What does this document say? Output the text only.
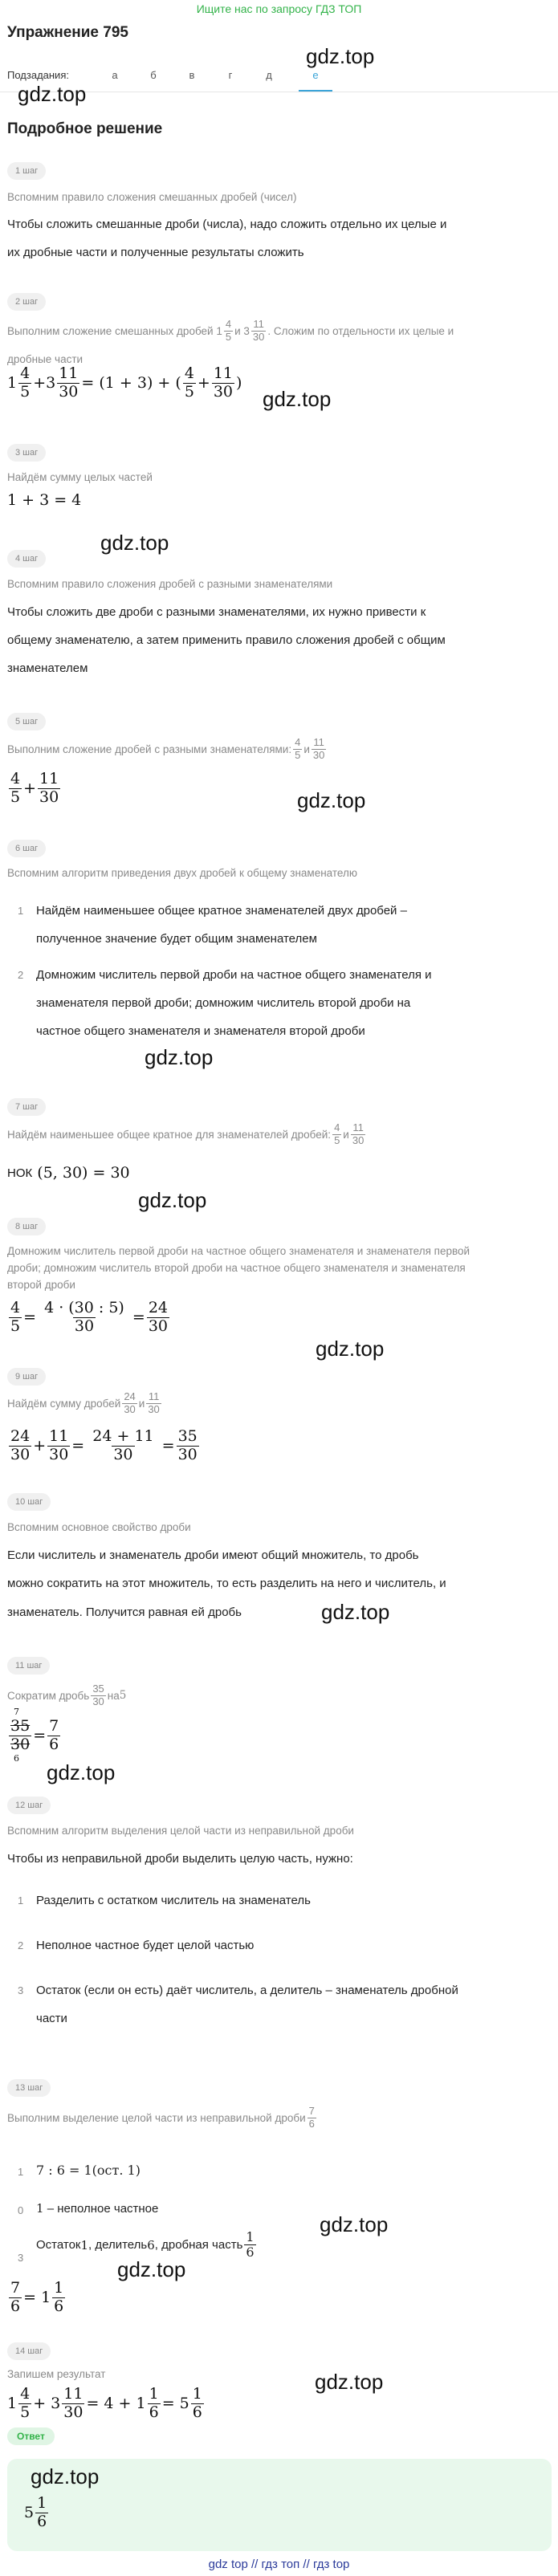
Ищите нас по запросу ГДЗ ТОП
Упражнение 795
Подзадания:	а	б	в	г	д	е
gdz.top
gdz.top
Подробное решение
1 шаг
Вспомним правило сложения смешанных дробей (чисел)
Чтобы сложить смешанные дроби (числа), надо сложить отдельно их целые и
их дробные части и полученные результаты сложить
2 шаг
Выполним сложение смешанных дробей $1 \frac{4}{5}$ и $3 \frac{11}{30}$ . Сложим по отдельности их целые и
дробные части
$1 \frac{4}{5} + 3 \frac{11}{30}$ =
(1 + 3)
+
( $\frac{4}{5} + \frac{11}{30}$ )
gdz.top
3 шаг
Найдём сумму целых частей
1 + 3 = 4
gdz.top
4 шаг
Вспомним правило сложения дробей с разными знаменателями
Чтобы сложить две дроби с разными знаменателями, их нужно привести к
общему знаменателю, а затем применить правило сложения дробей с общим
знаменателем
5 шаг
Выполним сложение дробей с разными знаменателями: $\frac{4}{5}$ и $\frac{11}{30}$
$\frac{4}{5} + \frac{11}{30}$	gdz.top
6 шаг
Вспомним алгоритм приведения двух дробей к общему знаменателю
1 Найдём наименьшее общее кратное знаменателей двух дробей –
полученное значение будет общим знаменателем
2 Домножим числитель первой дроби на частное общего знаменателя и
знаменателя первой дроби; домножим числитель второй дроби на
частное общего знаменателя и знаменателя второй дроби
gdz.top
7 шаг
Найдём наименьшее общее кратное для знаменателей дробей: $\frac{4}{5}$ и $\frac{11}{30}$
НОК
(5, 30) = 30
gdz.top
8 шаг
Домножим числитель первой дроби на частное общего знаменателя и знаменателя первой
дроби; домножим числитель второй дроби на частное общего знаменателя и знаменателя
второй дроби
$\frac{4}{5}$ =
$\frac{4 \cdot (30 : 5)}{30}$
= $\frac{24}{30}$
gdz.top
9 шаг
Найдём сумму дробей $\frac{24}{30}$ и $\frac{11}{30}$
$\frac{24}{30} + \frac{11}{30}$ =
$\frac{24 + 11}{30}$
= $\frac{35}{30}$
10 шаг
Вспомним основное свойство дроби
Если числитель и знаменатель дроби имеют общий множитель, то дробь
можно сократить на этот множитель, то есть разделить на него и числитель, и
знаменатель. Получится равная ей дробь	gdz.top
11 шаг
Сократим дробь $\frac{35}{30}$ на 5
7
35
30
$6 = \frac{7}{6}$
gdz.top
12 шаг
Вспомним алгоритм выделения целой части из неправильной дроби
Чтобы из неправильной дроби выделить целую часть, нужно:
1 Разделить с остатком числитель на знаменатель
2 Неполное частное будет целой частью
3 Остаток (если он есть) даёт числитель, а делитель – знаменатель дробной
части
13 шаг
Выполним выделение целой части из неправильной дроби $\frac{7}{6}$
1 7 : 6 = 1(ост. 1)
0 1 – неполное частное
3
Остаток 1 , делитель 6 , дробная часть $\frac{1}{6}$
gdz.top
$\frac{7}{6}$ =
$1 \frac{1}{6}$
gdz.top
14 шаг
Запишем результат
$1 \frac{4}{5}$ +
$3 \frac{11}{30}$ =
$4 + 1 \frac{1}{6}$ =
$5 \frac{1}{6}$
gdz.top
Ответ
gdz.top
$5 \frac{1}{6}$
gdz top // гдз топ // гдз top
